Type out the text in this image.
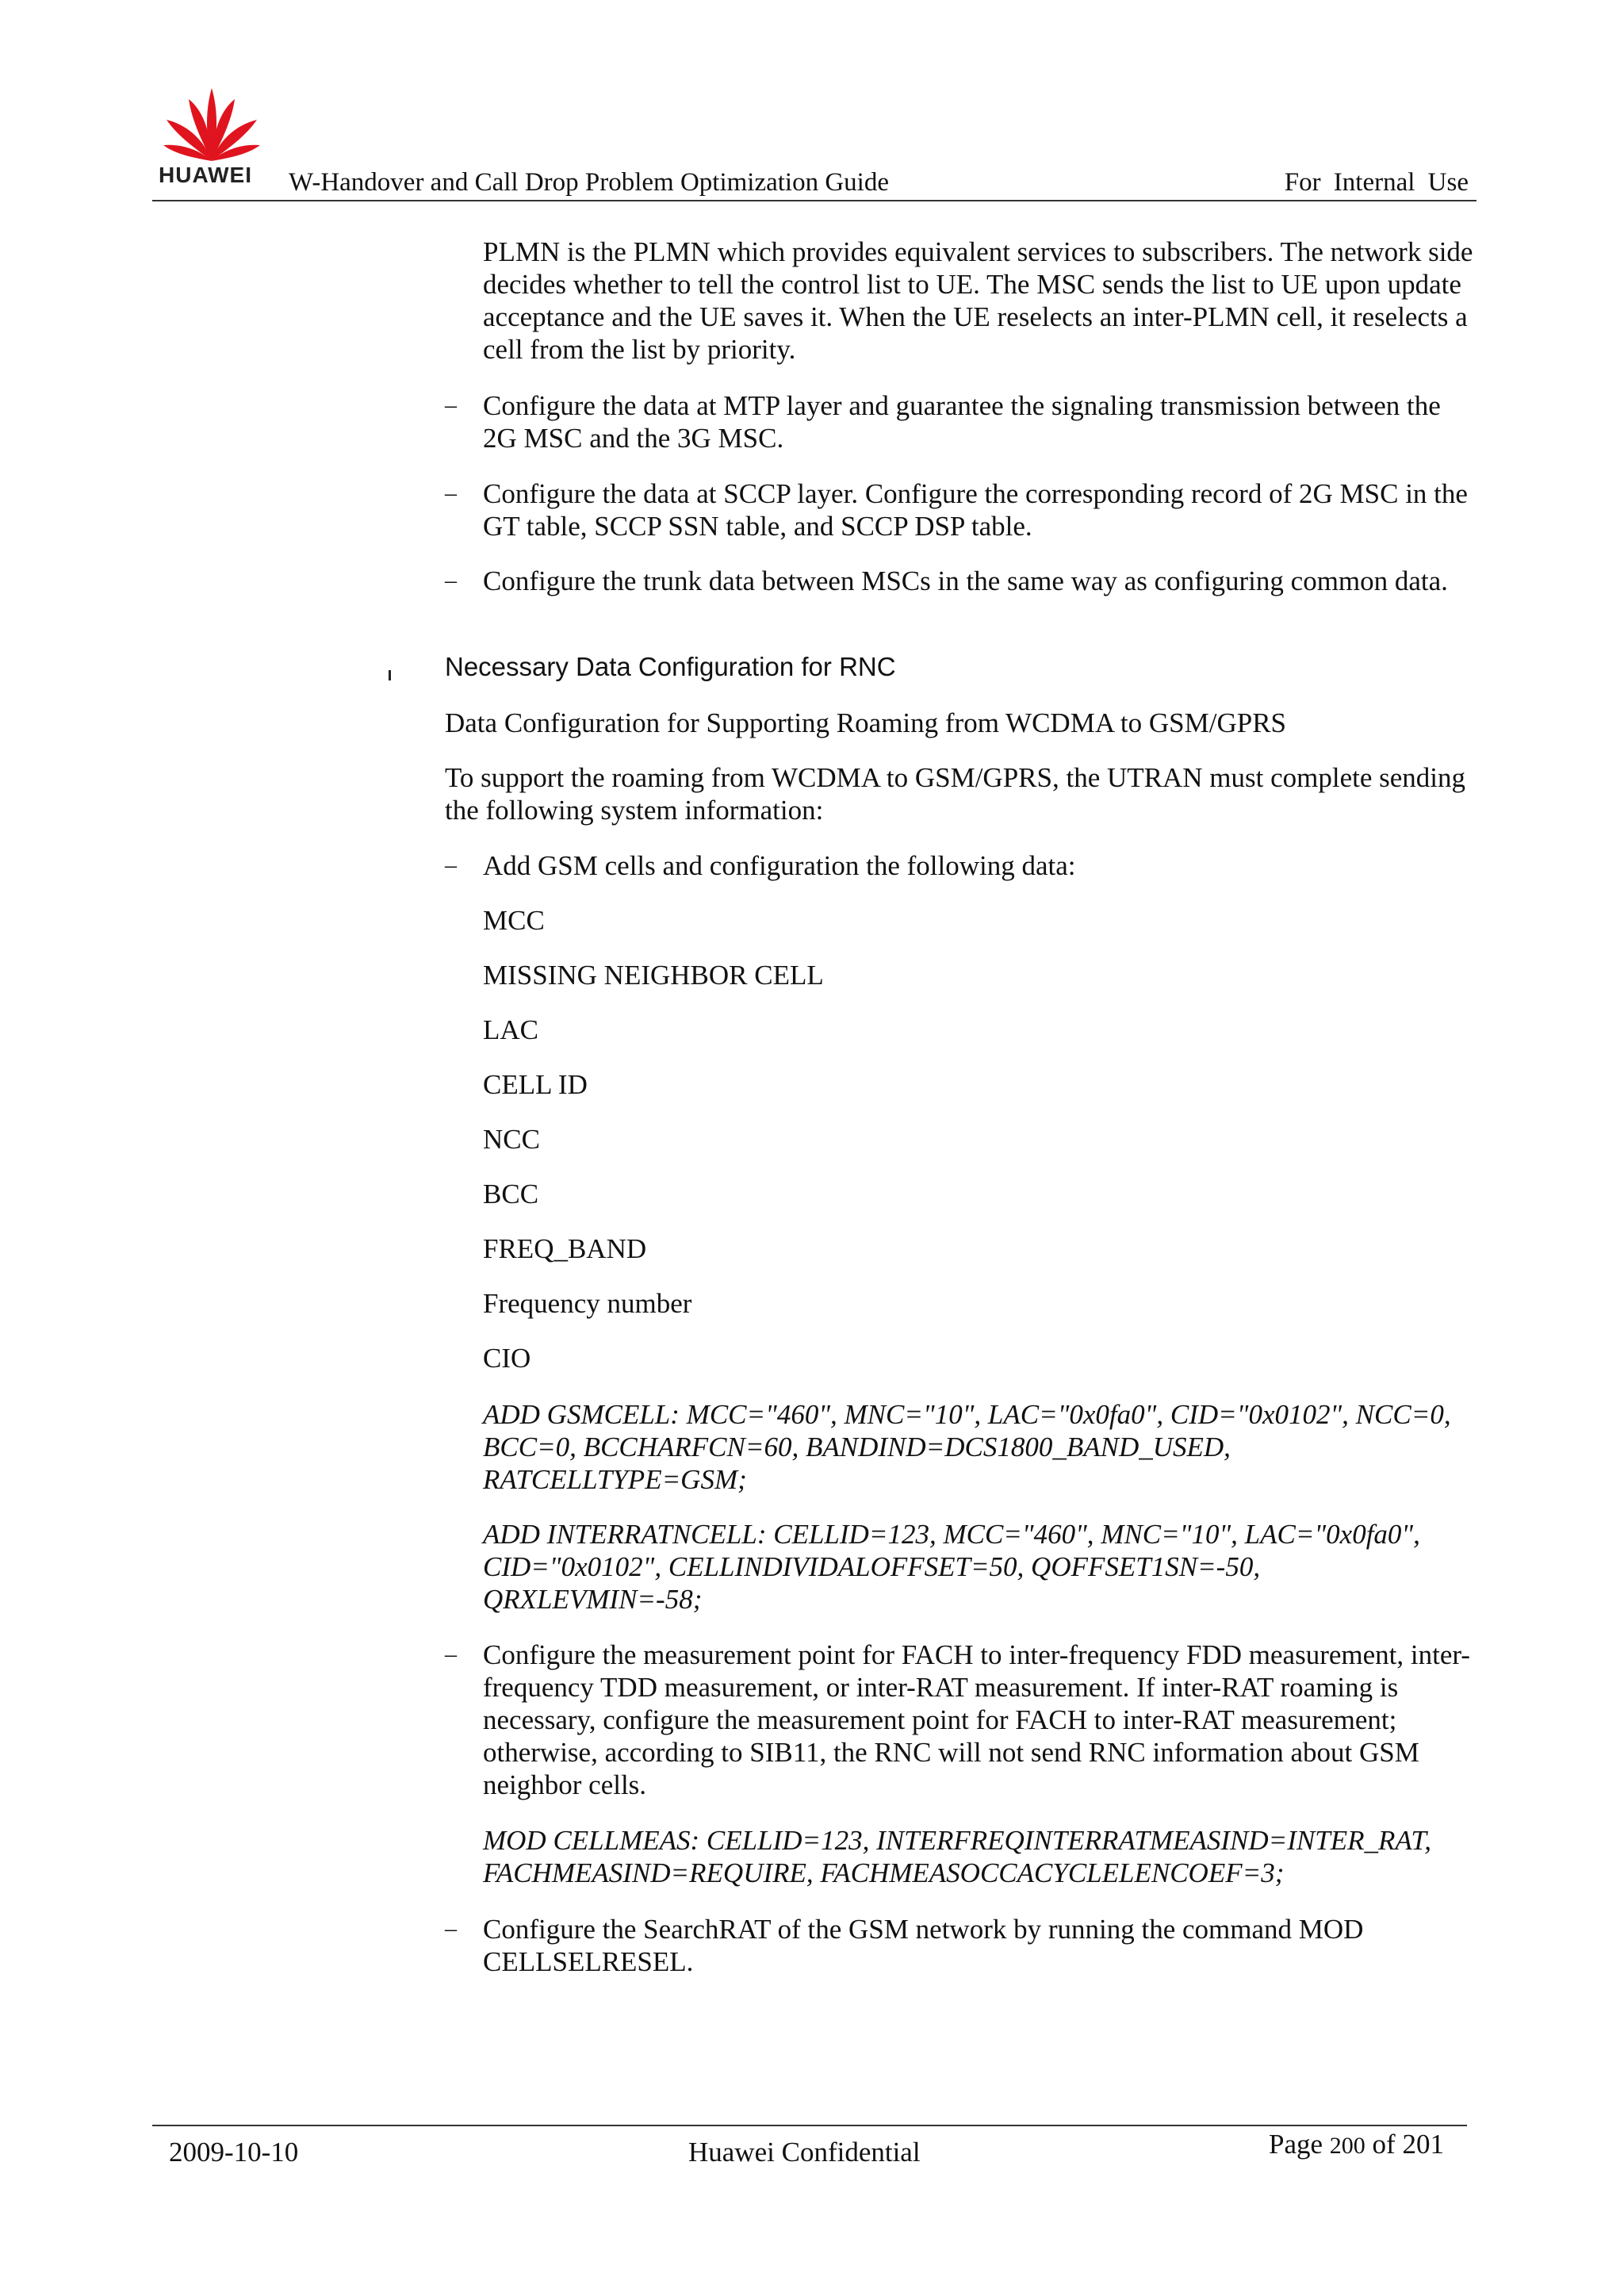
HUAWEI W-Handover and Call Drop Problem Optimization Guide	For Internal Use

PLMN is the PLMN which provides equivalent services to subscribers. The network side decides whether to tell the control list to UE. The MSC sends the list to UE upon update acceptance and the UE saves it. When the UE reselects an inter-PLMN cell, it reselects a cell from the list by priority.

– Configure the data at MTP layer and guarantee the signaling transmission between the 2G MSC and the 3G MSC.

– Configure the data at SCCP layer. Configure the corresponding record of 2G MSC in the GT table, SCCP SSN table, and SCCP DSP table.

– Configure the trunk data between MSCs in the same way as configuring common data.

Necessary Data Configuration for RNC

Data Configuration for Supporting Roaming from WCDMA to GSM/GPRS

To support the roaming from WCDMA to GSM/GPRS, the UTRAN must complete sending the following system information:

– Add GSM cells and configuration the following data:

MCC

MISSING NEIGHBOR CELL

LAC

CELL ID

NCC

BCC

FREQ_BAND

Frequency number

CIO

ADD GSMCELL: MCC="460", MNC="10", LAC="0x0fa0", CID="0x0102", NCC=0, BCC=0, BCCHARFCN=60, BANDIND=DCS1800_BAND_USED, RATCELLTYPE=GSM;

ADD INTERRATNCELL: CELLID=123, MCC="460", MNC="10", LAC="0x0fa0", CID="0x0102", CELLINDIVIDALOFFSET=50, QOFFSET1SN=-50, QRXLEVMIN=-58;

– Configure the measurement point for FACH to inter-frequency FDD measurement, inter-frequency TDD measurement, or inter-RAT measurement. If inter-RAT roaming is necessary, configure the measurement point for FACH to inter-RAT measurement; otherwise, according to SIB11, the RNC will not send RNC information about GSM neighbor cells.

MOD CELLMEAS: CELLID=123, INTERFREQINTERRATMEASIND=INTER_RAT, FACHMEASIND=REQUIRE, FACHMEASOCCACYCLELENCOEF=3;

– Configure the SearchRAT of the GSM network by running the command MOD CELLSELRESEL.

2009-10-10	Huawei Confidential	Page 200 of 201
